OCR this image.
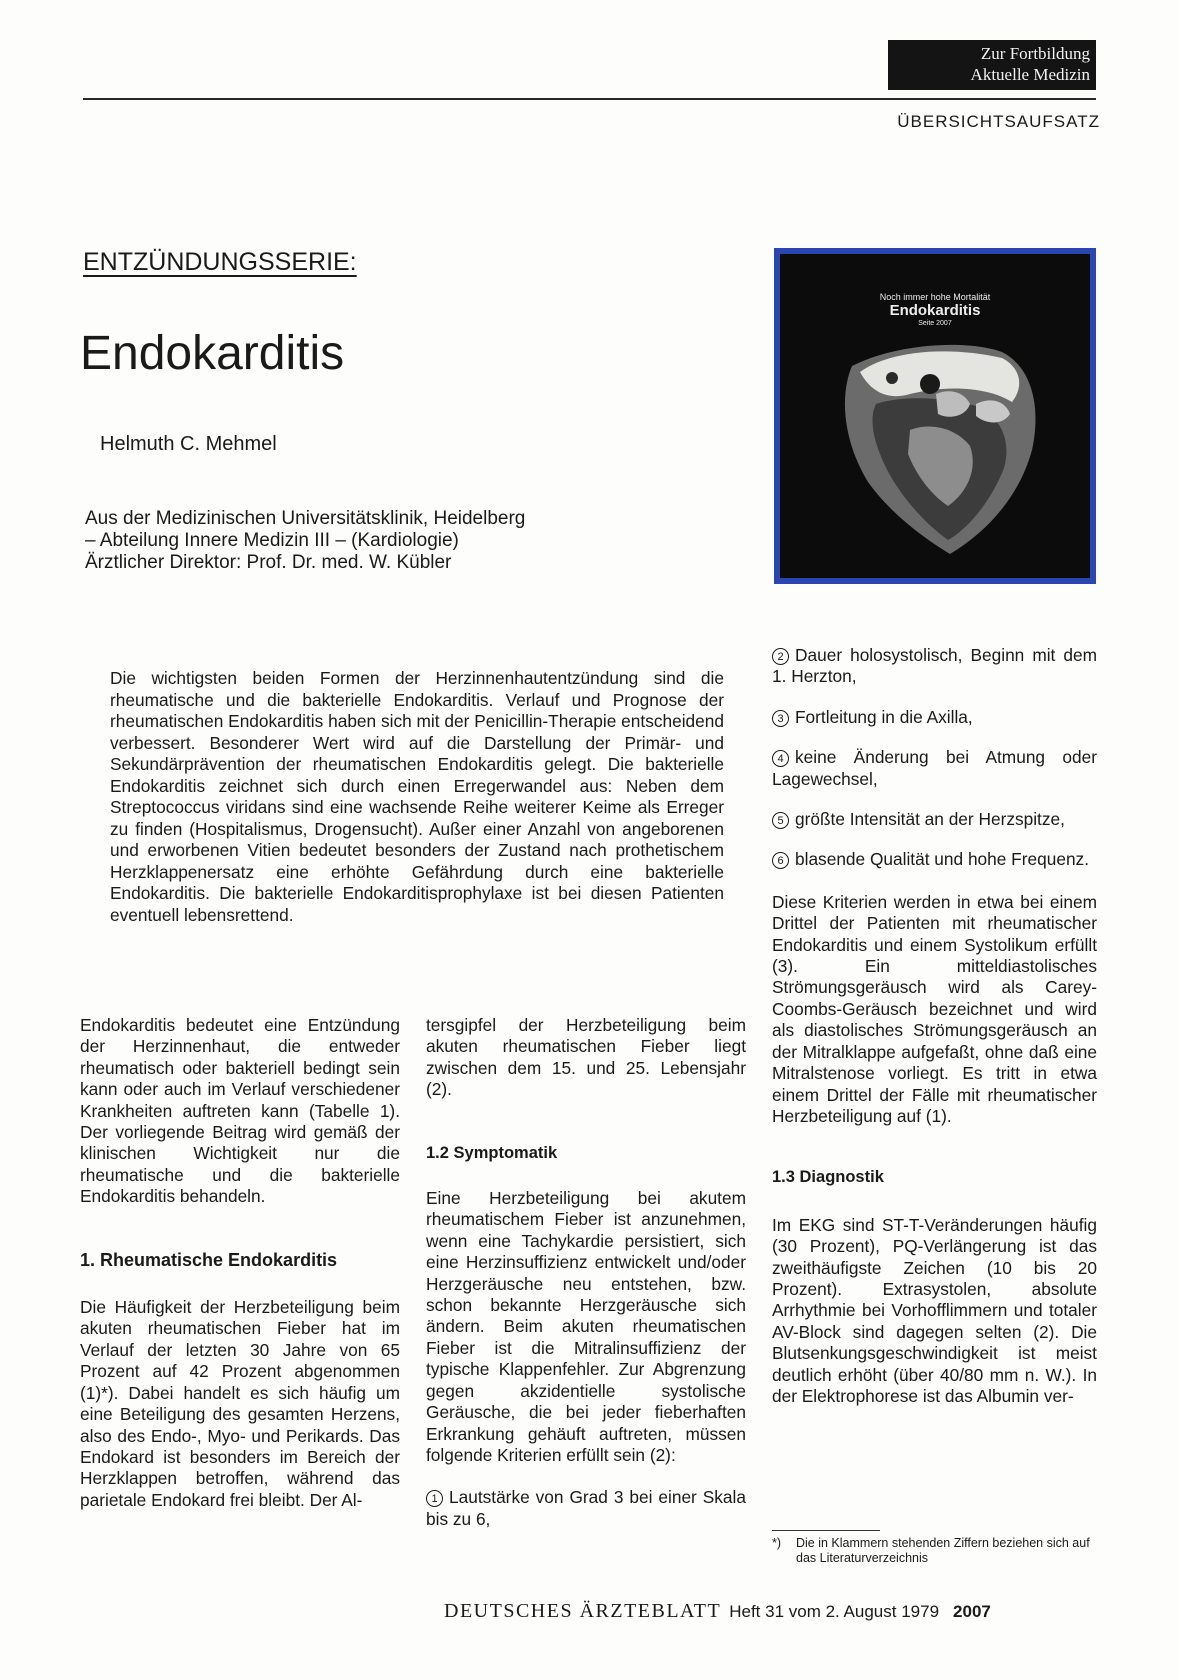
Zur Fortbildung
Aktuelle Medizin
ÜBERSICHTSAUFSATZ
ENTZÜNDUNGSSERIE:
Endokarditis
Helmuth C. Mehmel
Aus der Medizinischen Universitätsklinik, Heidelberg
– Abteilung Innere Medizin III – (Kardiologie)
Ärztlicher Direktor: Prof. Dr. med. W. Kübler
Noch immer hohe Mortalität
Endokarditis
Seite 2007
Die wichtigsten beiden Formen der Herzinnenhautentzündung sind die rheumatische und die bakterielle Endokarditis. Verlauf und Prognose der rheumatischen Endokarditis haben sich mit der Penicillin-Therapie entscheidend verbessert. Besonderer Wert wird auf die Darstellung der Primär- und Sekundärprävention der rheumatischen Endokarditis gelegt. Die bakterielle Endokarditis zeichnet sich durch einen Erregerwandel aus: Neben dem Streptococcus viridans sind eine wachsende Reihe weiterer Keime als Erreger zu finden (Hospitalismus, Drogensucht). Außer einer Anzahl von angeborenen und erworbenen Vitien bedeutet besonders der Zustand nach prothetischem Herzklappenersatz eine erhöhte Gefährdung durch eine bakterielle Endokarditis. Die bakterielle Endokarditisprophylaxe ist bei diesen Patienten eventuell lebensrettend.

Endokarditis bedeutet eine Entzündung der Herzinnenhaut, die entweder rheumatisch oder bakteriell bedingt sein kann oder auch im Verlauf verschiedener Krankheiten auftreten kann (Tabelle 1). Der vorliegende Beitrag wird gemäß der klinischen Wichtigkeit nur die rheumatische und die bakterielle Endokarditis behandeln.

1. Rheumatische Endokarditis

Die Häufigkeit der Herzbeteiligung beim akuten rheumatischen Fieber hat im Verlauf der letzten 30 Jahre von 65 Prozent auf 42 Prozent abgenommen (1)*). Dabei handelt es sich häufig um eine Beteiligung des gesamten Herzens, also des Endo-, Myo- und Perikards. Das Endokard ist besonders im Bereich der Herzklappen betroffen, während das parietale Endokard frei bleibt. Der Al-

tersgipfel der Herzbeteiligung beim akuten rheumatischen Fieber liegt zwischen dem 15. und 25. Lebensjahr (2).

1.2 Symptomatik

Eine Herzbeteiligung bei akutem rheumatischem Fieber ist anzunehmen, wenn eine Tachykardie persistiert, sich eine Herzinsuffizienz entwickelt und/oder Herzgeräusche neu entstehen, bzw. schon bekannte Herzgeräusche sich ändern. Beim akuten rheumatischen Fieber ist die Mitralinsuffizienz der typische Klappenfehler. Zur Abgrenzung gegen akzidentielle systolische Geräusche, die bei jeder fieberhaften Erkrankung gehäuft auftreten, müssen folgende Kriterien erfüllt sein (2):

1 Lautstärke von Grad 3 bei einer Skala bis zu 6,

2 Dauer holosystolisch, Beginn mit dem 1. Herzton,

3 Fortleitung in die Axilla,

4 keine Änderung bei Atmung oder Lagewechsel,

5 größte Intensität an der Herzspitze,

6 blasende Qualität und hohe Frequenz.

Diese Kriterien werden in etwa bei einem Drittel der Patienten mit rheumatischer Endokarditis und einem Systolikum erfüllt (3). Ein mitteldiastolisches Strömungsgeräusch wird als Carey-Coombs-Geräusch bezeichnet und wird als diastolisches Strömungsgeräusch an der Mitralklappe aufgefaßt, ohne daß eine Mitralstenose vorliegt. Es tritt in etwa einem Drittel der Fälle mit rheumatischer Herzbeteiligung auf (1).

1.3 Diagnostik

Im EKG sind ST-T-Veränderungen häufig (30 Prozent), PQ-Verlängerung ist das zweithäufigste Zeichen (10 bis 20 Prozent). Extrasystolen, absolute Arrhythmie bei Vorhofflimmern und totaler AV-Block sind dagegen selten (2). Die Blutsenkungsgeschwindigkeit ist meist deutlich erhöht (über 40/80 mm n. W.). In der Elektrophorese ist das Albumin ver-

*) Die in Klammern stehenden Ziffern beziehen sich auf das Literaturverzeichnis
DEUTSCHES ÄRZTEBLATT Heft 31 vom 2. August 1979 2007
